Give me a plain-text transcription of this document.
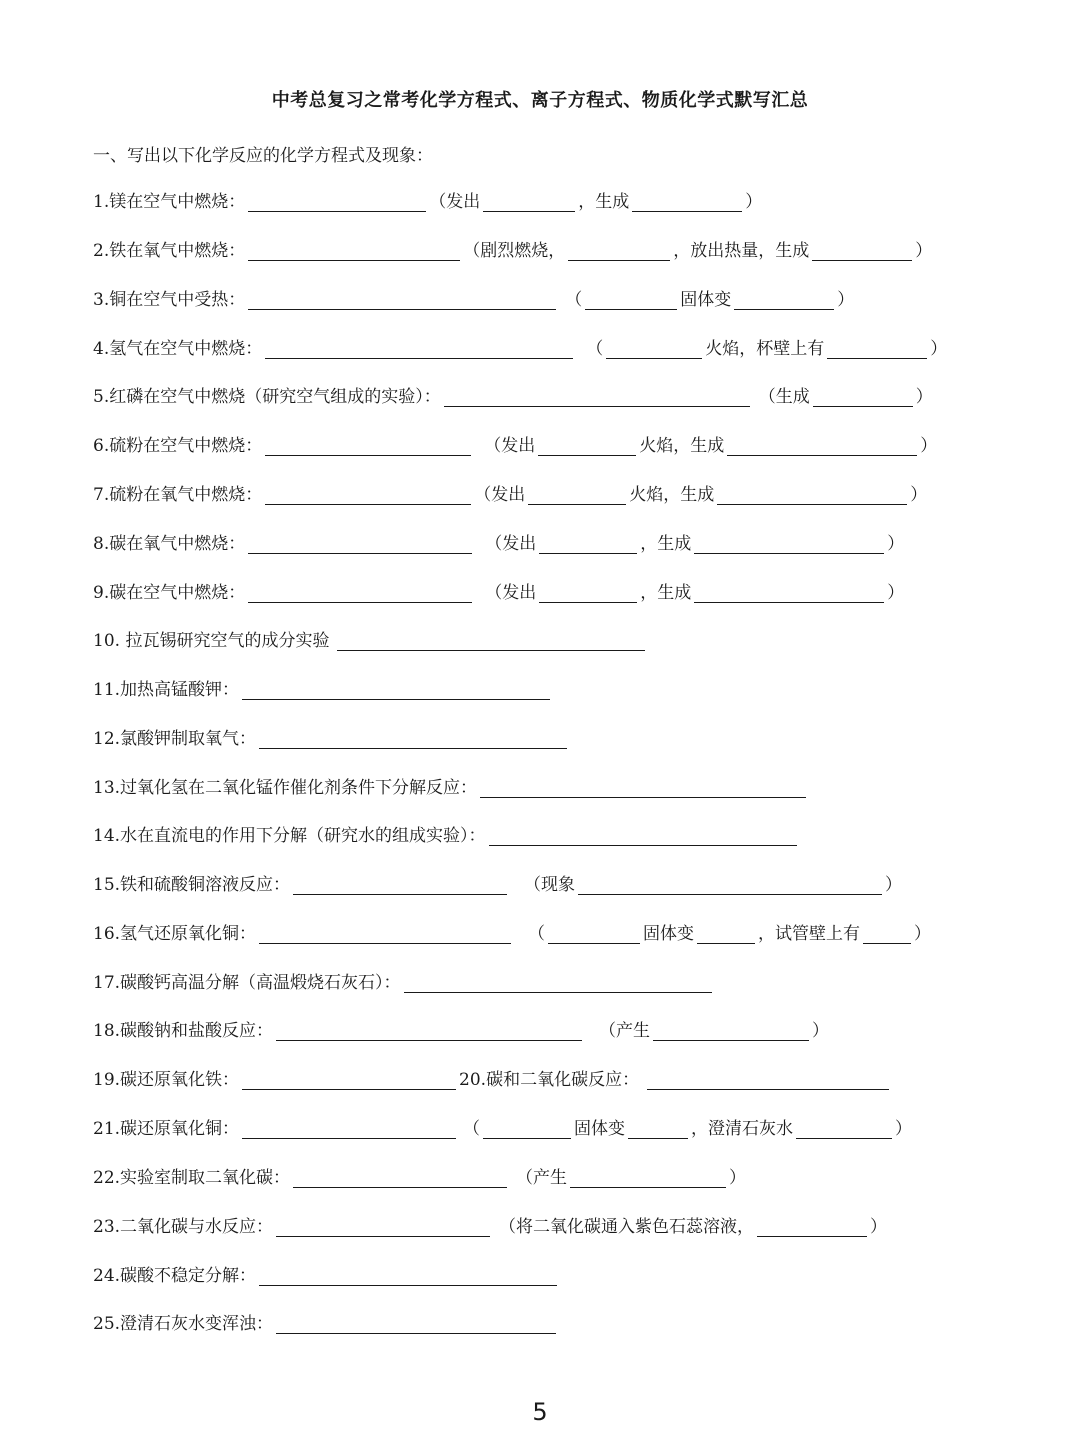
中考总复习之常考化学方程式、离子方程式、物质化学式默写汇总
一、写出以下化学反应的化学方程式及现象：
1.镁在空气中燃烧：	（发出	，生成	）
2.铁在氧气中燃烧：	（剧烈燃烧，	，放出热量，生成	）
3.铜在空气中受热：	（	固体变	）
4.氢气在空气中燃烧：	（	火焰，杯壁上有	）
5.红磷在空气中燃烧（研究空气组成的实验）：	（生成	）
6.硫粉在空气中燃烧：	（发出	火焰，生成	）
7.硫粉在氧气中燃烧：	（发出	火焰，生成	）
8.碳在氧气中燃烧：	（发出	，生成	）
9.碳在空气中燃烧：	（发出	，生成	）
10. 拉瓦锡研究空气的成分实验
11.加热高锰酸钾：
12.氯酸钾制取氧气：
13.过氧化氢在二氧化锰作催化剂条件下分解反应：
14.水在直流电的作用下分解（研究水的组成实验）：
15.铁和硫酸铜溶液反应：	（现象	）
16.氢气还原氧化铜：	（	固体变	，试管壁上有	）
17.碳酸钙高温分解（高温煅烧石灰石）：
18.碳酸钠和盐酸反应：	（产生	）
19.碳还原氧化铁：	20.碳和二氧化碳反应：
21.碳还原氧化铜：	（	固体变	，澄清石灰水	）
22.实验室制取二氧化碳：	（产生	）
23.二氧化碳与水反应：	（将二氧化碳通入紫色石蕊溶液，	）
24.碳酸不稳定分解：
25.澄清石灰水变浑浊：
5
